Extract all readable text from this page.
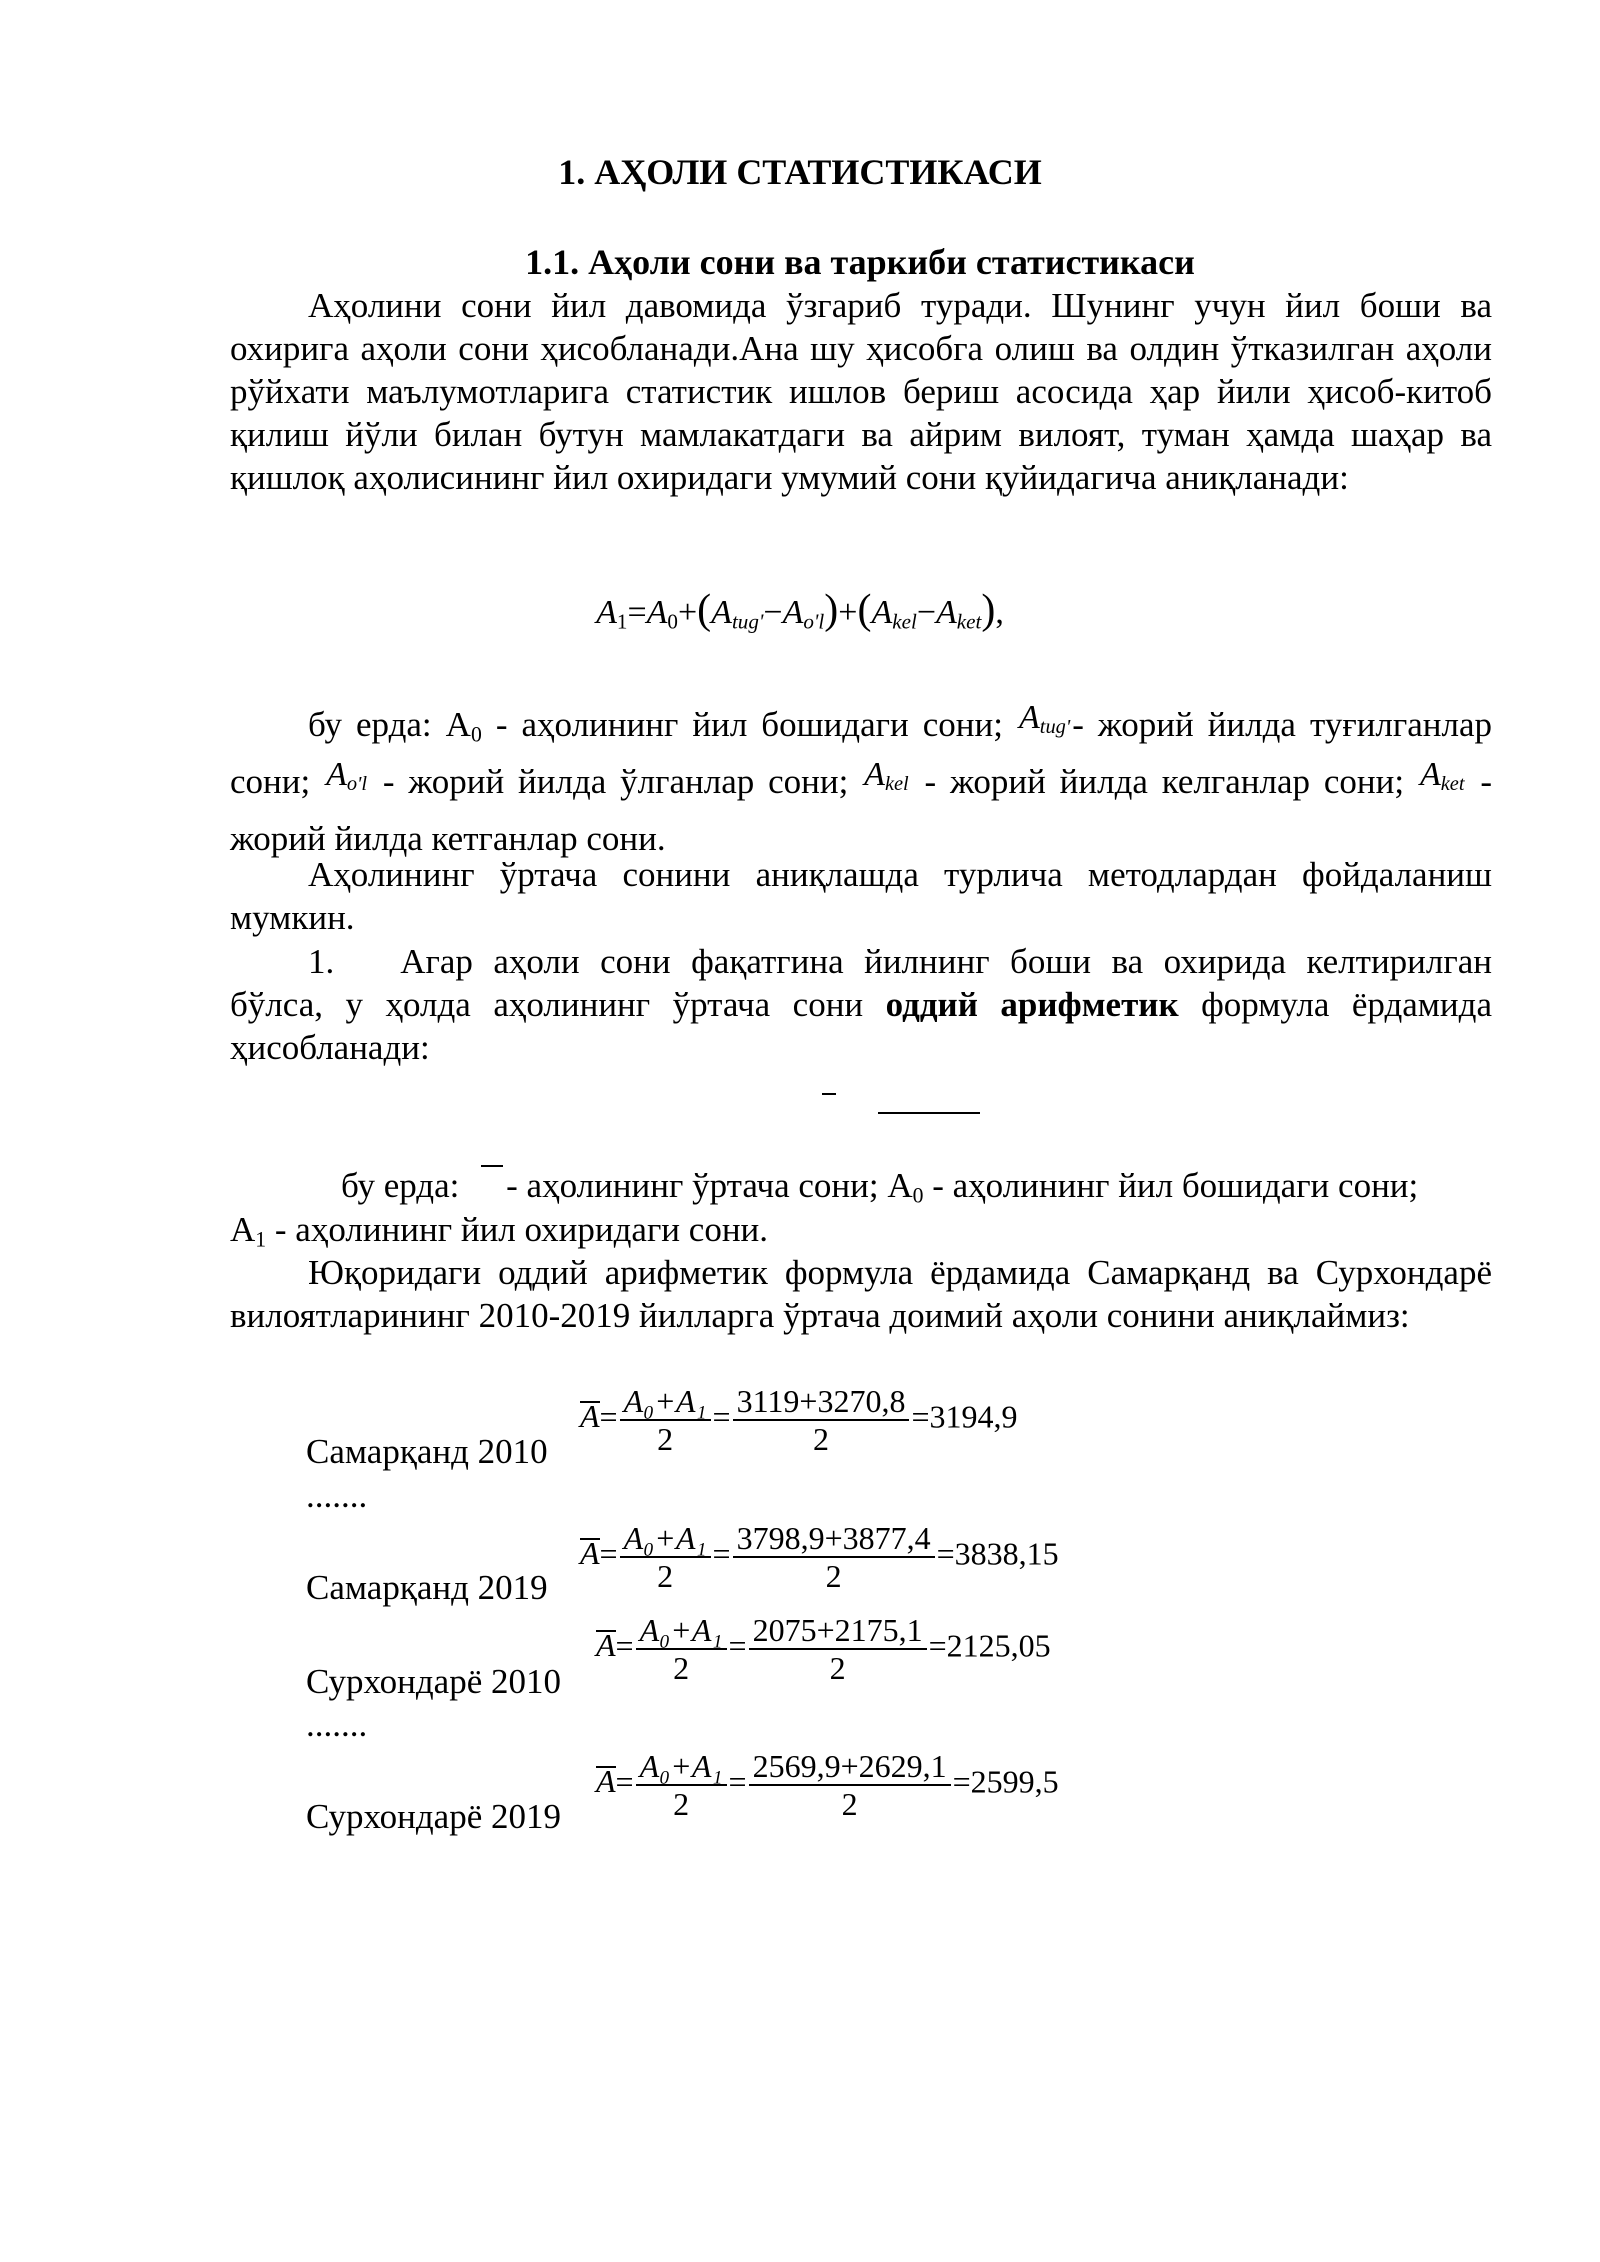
1. АҲОЛИ СТАТИСТИКАСИ
1.1. Аҳоли сони ва таркиби статистикаси
Аҳолини сони йил давомида ўзгариб туради. Шунинг учун йил боши ва охирига аҳоли сони ҳисобланади.Ана шу ҳисобга олиш ва олдин ўтказилган аҳоли рўйхати маълумотларига статистик ишлов бериш асосида ҳар йили ҳисоб-китоб қилиш йўли билан бутун мамлакатдаги ва айрим вилоят, туман ҳамда шаҳар ва қишлоқ аҳолисининг йил охиридаги умумий сони қуйидагича аниқланади:
$A_1=A_0+(A_{tug'}-A_{o'l})+(A_{kel}-A_{ket})$,
бу ерда: $А_0$ - аҳолининг йил бошидаги сони; $A_{tug'}-$ жорий йилда туғилганлар сони; $A_{o'l}$ - жорий йилда ўлганлар сони; $A_{kel}$ - жорий йилда келганлар сони; $A_{ket}$ - жорий йилда кетганлар сони.
Аҳолининг ўртача сонини аниқлашда турлича методлардан фойдаланиш мумкин.
1. Агар аҳоли сони фақатгина йилнинг боши ва охирида келтирилган бўлса, у ҳолда аҳолининг ўртача сони оддий арифметик формула ёрдамида ҳисобланади:
бу ерда: - аҳолининг ўртача сони; $А_0$ - аҳолининг йил бошидаги сони;
$А_1$ - аҳолининг йил охиридаги сони.
Юқоридаги оддий арифметик формула ёрдамида Самарқанд ва Сурхондарё вилоятларининг 2010-2019 йилларга ўртача доимий аҳоли сонини аниқлаймиз:
Самарқанд 2010
$A= \frac{\text{A₀+A₁}}{2} = \frac{3119+3270,8}{2} =3194,9$
.......
Самарқанд 2019
$A= \frac{\text{A₀+A₁}}{2} = \frac{3798,9+3877,4}{2} =3838,15$
Сурхондарё 2010
$A= \frac{\text{A₀+A₁}}{2} = \frac{2075+2175,1}{2} =2125,05$
.......
Сурхондарё 2019
$A= \frac{\text{A₀+A₁}}{2} = \frac{2569,9+2629,1}{2} =2599,5$
